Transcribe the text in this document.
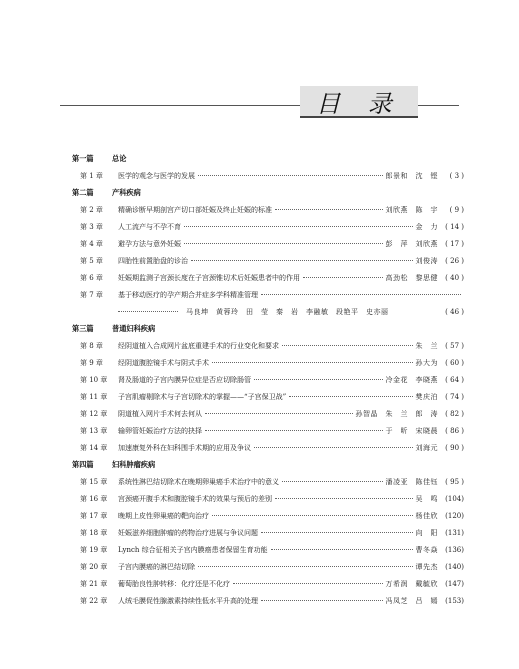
目 录
第一篇	总论
第 1 章	医学的观念与医学的发展	郎景和　沈　铿	( 3 )
第二篇	产科疾病
第 2 章	精确诊断早期剖宫产切口部妊娠及终止妊娠的标准	刘欣燕　陈　宇	( 9 )
第 3 章	人工流产与不孕不育	金　力	( 14 )
第 4 章	避孕方法与意外妊娠	彭　萍　刘欣燕	( 17 )
第 5 章	四胎性前置胎盘的诊治	刘俊涛	( 26 )
第 6 章	妊娠期监测子宫颈长度在子宫颈锥切术后妊娠患者中的作用	高劲松　黎思健	( 40 )
第 7 章	基于移动医疗的孕产期合并症多学科精准管理
马良坤　黄蓉玲　田　莹　秦　岩　李融敏　段艳平　史亦丽	( 46 )
第三篇	普通妇科疾病
第 8 章	经阴道植入合成网片盆底重建手术的行业变化和要求	朱　兰	( 57 )
第 9 章	经阴道腹腔镜手术与阴式手术	孙大为	( 60 )
第 10 章	肾及肠道的子宫内膜异位症是否应切除肠管	冷金花　李晓燕	( 64 )
第 11 章	子宫肌瘤剔除术与子宫切除术的掌握——“子宫保卫战”	樊庆泊	( 74 )
第 12 章	阴道植入网片手术何去何从	孙智晶　朱　兰　郎　涛	( 82 )
第 13 章	输卵管妊娠治疗方法的抉择	于　昕　宋晓晨	( 86 )
第 14 章	加速康复外科在妇科围手术期的应用及争议	刘海元	( 90 )
第四篇	妇科肿瘤疾病
第 15 章	系统性淋巴结切除术在晚期卵巢癌手术治疗中的意义	潘凌亚　陈佳钰	( 95 )
第 16 章	宫颈癌开腹手术和腹腔镜手术的效果与预后的差别	吴　鸣	(104)
第 17 章	晚期上皮性卵巢癌的靶向治疗	杨佳欣	(120)
第 18 章	妊娠滋养细胞肿瘤的药物治疗进展与争议问题	向　阳	(131)
第 19 章	Lynch 综合征相关子宫内膜癌患者保留生育功能	曹冬焱	(136)
第 20 章	子宫内膜癌的淋巴结切除	谭先杰	(140)
第 21 章	葡萄胎良性肿转移：化疗还是不化疗	万希润　戴毓欣	(147)
第 22 章	人绒毛膜促性腺激素持续性低水平升高的处理	冯凤芝　吕　嫣	(153)
